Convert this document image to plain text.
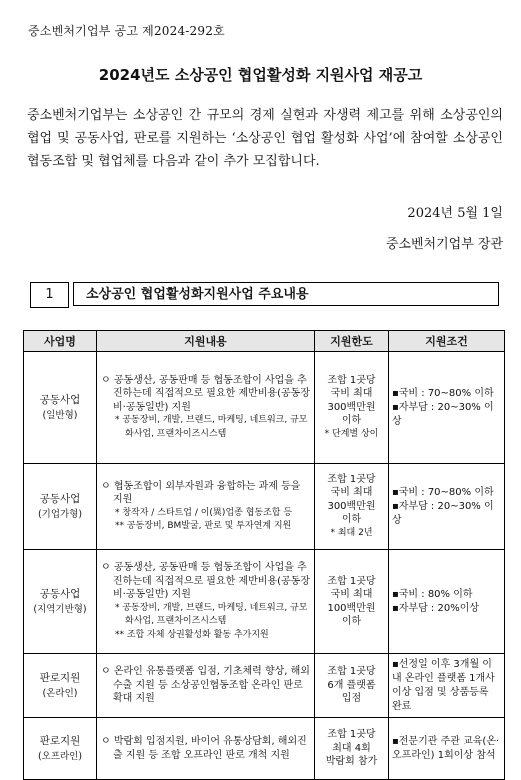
중소벤처기업부 공고 제2024-292호
2024년도 소상공인 협업활성화 지원사업 재공고
중소벤처기업부는 소상공인 간 규모의 경제 실현과 자생력 제고를 위해 소상공인의 협업 및 공동사업, 판로를 지원하는 ‘소상공인 협업 활성화 사업’에 참여할 소상공인협동조합 및 협업체를 다음과 같이 추가 모집합니다.
2024년 5월 1일
중소벤처기업부 장관
1	소상공인 협업활성화지원사업 주요내용
사업명	지원내용	지원한도	지원조건

공동사업
(일반형)	ㅇ 공동생산, 공동판매 등 협동조합이 사업을 추진하는데 직접적으로 필요한 제반비용(공동장비·공동일반) 지원
* 공동장비, 개발, 브랜드, 마케팅, 네트워크, 규모화사업, 프랜차이즈시스템	조합 1곳당
국비 최대
300백만원
이하
* 단계별 상이	▪국비 : 70~80% 이하
▪자부담 : 20~30% 이상

공동사업
(기업가형)	ㅇ 협동조합이 외부자원과 융합하는 과제 등을 지원
* 창작자 / 스타트업 / 이(異)업종 협동조합 등
** 공동장비, BM발굴, 판로 및 투자연계 지원	조합 1곳당
국비 최대
300백만원
이하
* 최대 2년	▪국비 : 70~80% 이하
▪자부담 : 20~30% 이상

공동사업
(지역기반형)	ㅇ 공동생산, 공동판매 등 협동조합이 사업을 추진하는데 직접적으로 필요한 제반비용(공동장비·공동일반) 지원
* 공동장비, 개발, 브랜드, 마케팅, 네트워크, 규모화사업, 프랜차이즈시스템
** 조합 자체 상권활성화 활동 추가지원	조합 1곳당
국비 최대
100백만원
이하	▪국비 : 80% 이하
▪자부담 : 20%이상

판로지원
(온라인)	ㅇ 온라인 유통플랫폼 입점, 기초체력 향상, 해외수출 지원 등 소상공인협동조합 온라인 판로 확대 지원	조합 1곳당
6개 플랫폼
입점	▪선정일 이후 3개월 이내 온라인 플랫폼 1개사 이상 입점 및 상품등록 완료

판로지원
(오프라인)	ㅇ 박람회 입점지원, 바이어 유통상담회, 해외진출 지원 등 조합 오프라인 판로 개척 지원	조합 1곳당
최대 4회
박람회 참가	▪전문기관 주관 교육(온·오프라인) 1회이상 참석
